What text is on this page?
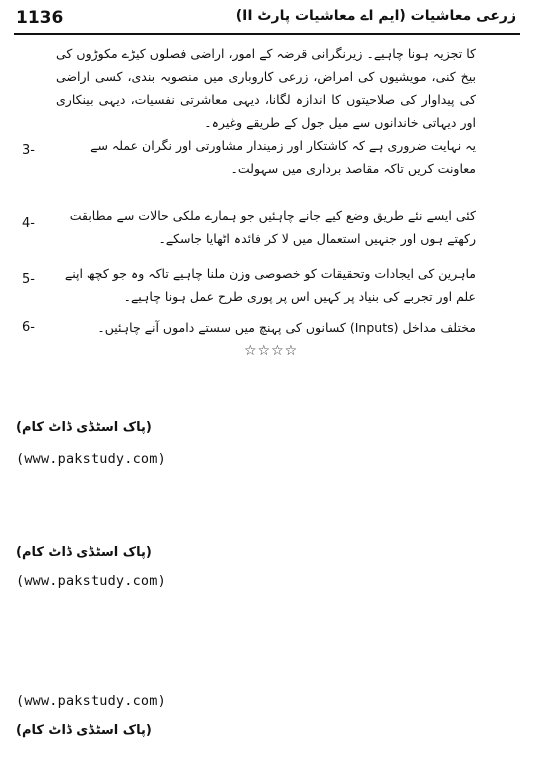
1136	زرعی معاشیات (ایم اے معاشیات پارٹ II)
کا تجزیہ ہونا چاہیے۔ زیرنگرانی قرضہ کے امور، اراضی فصلوں کیڑے مکوڑوں کی بیخ کنی، مویشیوں کی امراض، زرعی کاروباری میں منصوبہ بندی، کسی اراضی کی پیداوار کی صلاحیتوں کا اندازہ لگانا، دیہی معاشرتی نفسیات، دیہی بینکاری اور دیہاتی خاندانوں سے میل جول کے طریقے وغیرہ۔
3-	یہ نہایت ضروری ہے کہ کاشتکار اور زمیندار مشاورتی اور نگران عملہ سے معاونت کریں تاکہ مقاصد برداری میں سہولت۔
4-
کئی ایسے نئے طریق وضع کیے جانے چاہئیں جو ہمارے ملکی حالات سے مطابقت رکھتے ہوں اور جنہیں استعمال میں لا کر فائدہ اٹھایا جاسکے۔
5-	ماہرین کی ایجادات وتحقیقات کو خصوصی وزن ملنا چاہیے تاکہ وہ جو کچھ اپنے علم اور تجربے کی بنیاد پر کہیں اس پر پوری طرح عمل ہونا چاہیے۔
6-	مختلف مداخل (Inputs) کسانوں کی پہنچ میں سستے داموں آنے چاہئیں۔
☆☆☆☆
(پاک اسٹڈی ڈاٹ کام)
(www.pakstudy.com)
(پاک اسٹڈی ڈاٹ کام)
(www.pakstudy.com)
(www.pakstudy.com)
(پاک اسٹڈی ڈاٹ کام)
